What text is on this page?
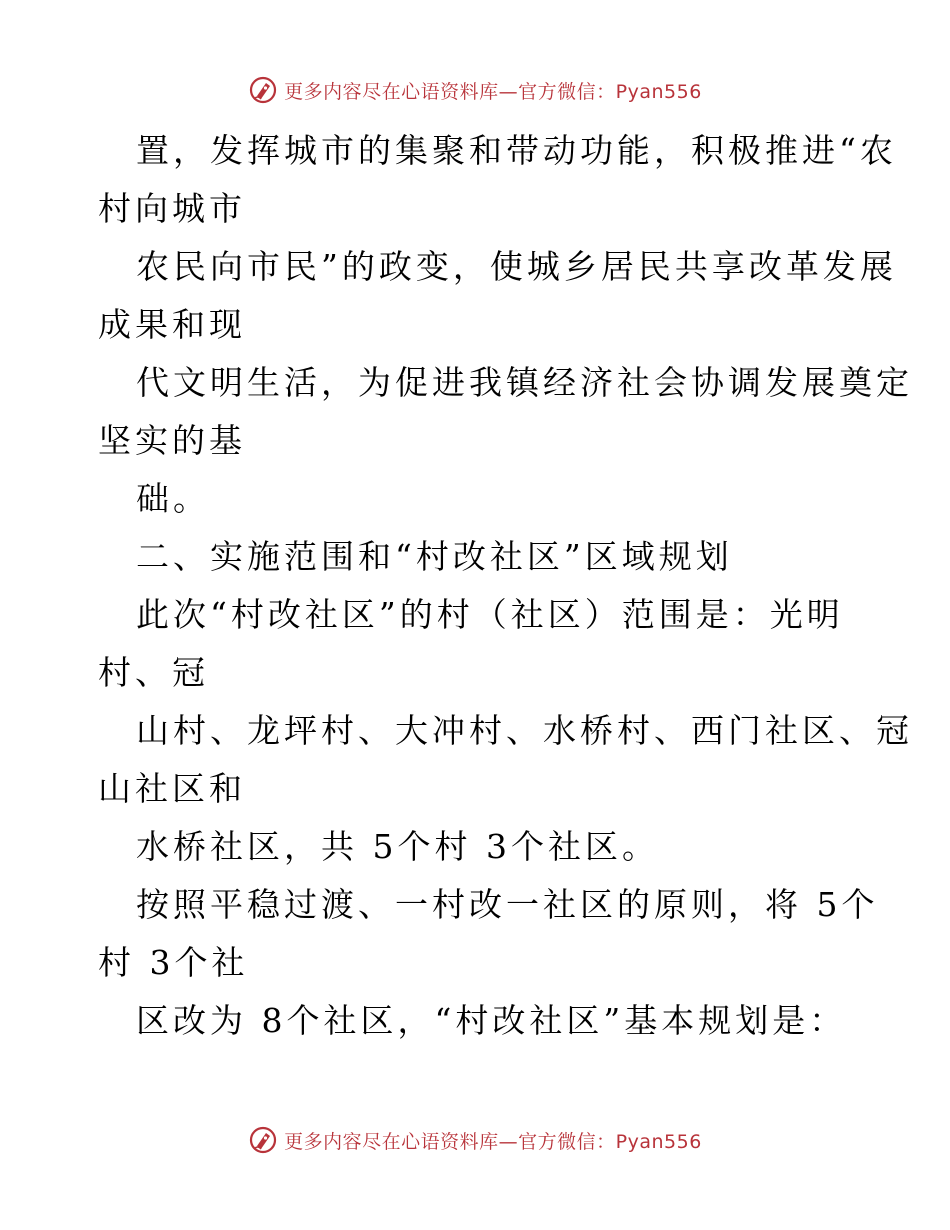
更多内容尽在心语资料库—官方微信：Pyan556
置，发挥城市的集聚和带动功能，积极推进“农
村向城市
农民向市民”的政变，使城乡居民共享改革发展
成果和现
代文明生活，为促进我镇经济社会协调发展奠定
坚实的基
础。
二、实施范围和“村改社区”区域规划
此次“村改社区”的村（社区）范围是：光明
村、冠
山村、龙坪村、大冲村、水桥村、西门社区、冠
山社区和
水桥社区，共 5个村 3个社区。
按照平稳过渡、一村改一社区的原则，将 5个
村 3个社
区改为 8个社区，“村改社区”基本规划是：
更多内容尽在心语资料库—官方微信：Pyan556
